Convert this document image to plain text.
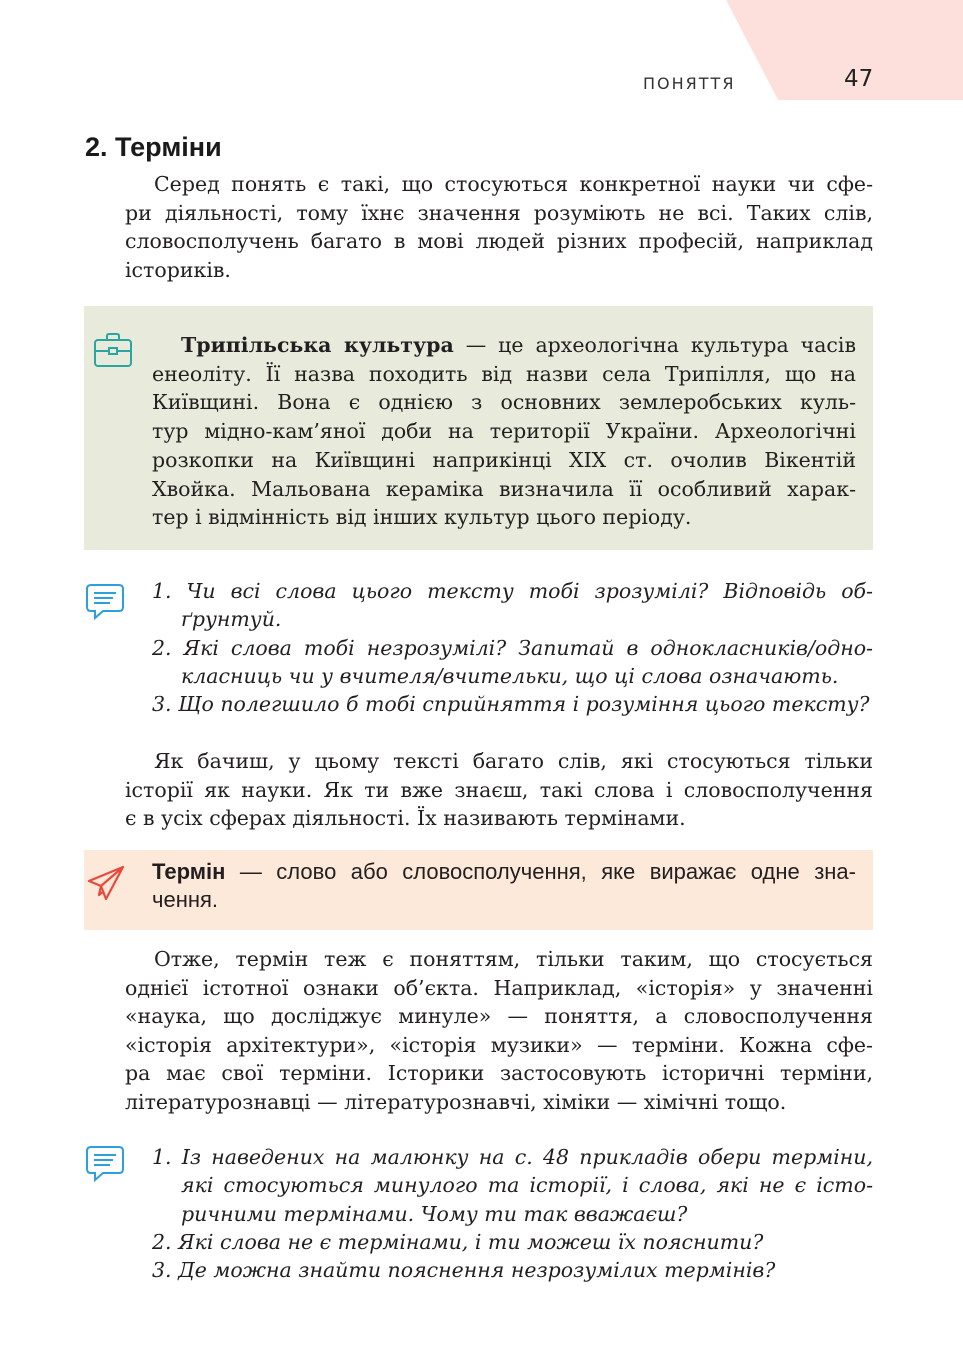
ПОНЯТТЯ	47
2. Терміни

Серед понять є такі, що стосуються конкретної науки чи сфе-
ри діяльності, тому їхнє значення розуміють не всі. Таких слів,
словосполучень багато в мові людей різних професій, наприклад
істориків.

Трипільська культура — це археологічна культура часів
енеоліту. Її назва походить від назви села Трипілля, що на
Київщині. Вона є однією з основних землеробських куль-
тур мідно-кам’яної доби на території України. Археологічні
розкопки на Київщині наприкінці ХІХ ст. очолив Вікентій
Хвойка. Мальована кераміка визначила її особливий харак-
тер і відмінність від інших культур цього періоду.

1. Чи всі слова цього тексту тобі зрозумілі? Відповідь об-
ґрунтуй.
2. Які слова тобі незрозумілі? Запитай в однокласників/одно-
класниць чи у вчителя/вчительки, що ці слова означають.
3. Що полегшило б тобі сприйняття і розуміння цього тексту?

Як бачиш, у цьому тексті багато слів, які стосуються тільки
історії як науки. Як ти вже знаєш, такі слова і словосполучення
є в усіх сферах діяльності. Їх називають термінами.

Термін — слово або словосполучення, яке виражає одне зна-
чення.

Отже, термін теж є поняттям, тільки таким, що стосується
однієї істотної ознаки об’єкта. Наприклад, «історія» у значенні
«наука, що досліджує минуле» — поняття, а словосполучення
«історія архітектури», «історія музики» — терміни. Кожна сфе-
ра має свої терміни. Історики застосовують історичні терміни,
літературознавці — літературознавчі, хіміки — хімічні тощо.

1. Із наведених на малюнку на с. 48 прикладів обери терміни,
які стосуються минулого та історії, і слова, які не є істо-
ричними термінами. Чому ти так вважаєш?
2. Які слова не є термінами, і ти можеш їх пояснити?
3. Де можна знайти пояснення незрозумілих термінів?
